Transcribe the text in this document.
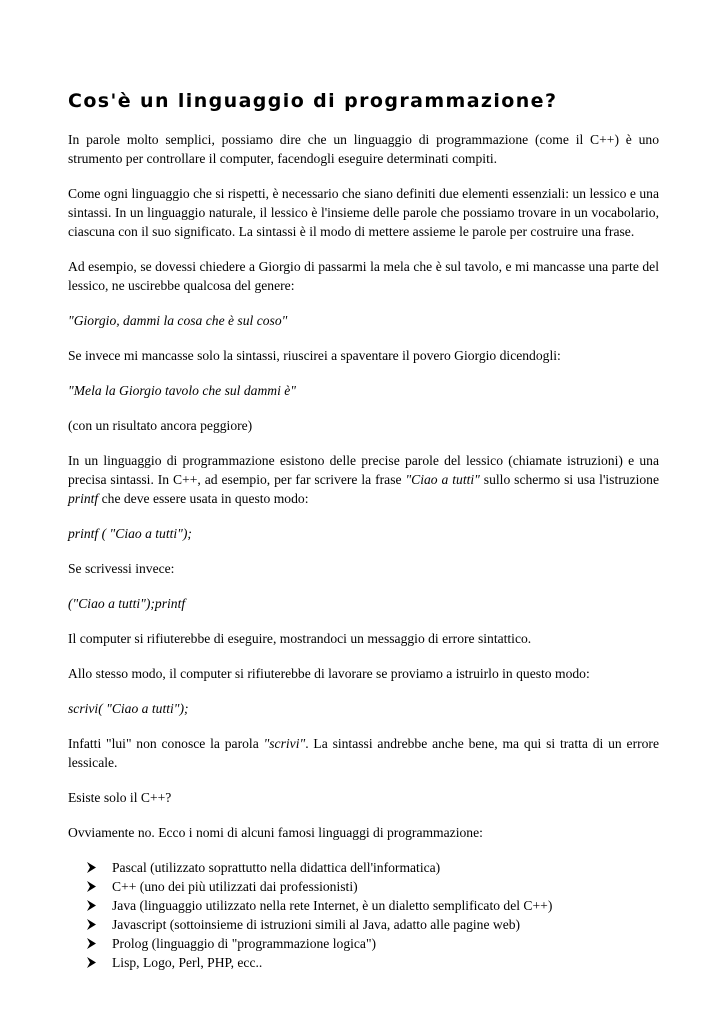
Cos'è un linguaggio di programmazione?

In parole molto semplici, possiamo dire che un linguaggio di programmazione (come il C++) è uno strumento per controllare il computer, facendogli eseguire determinati compiti.

Come ogni linguaggio che si rispetti, è necessario che siano definiti due elementi essenziali: un lessico e una sintassi. In un linguaggio naturale, il lessico è l'insieme delle parole che possiamo trovare in un vocabolario, ciascuna con il suo significato. La sintassi è il modo di mettere assieme le parole per costruire una frase.

Ad esempio, se dovessi chiedere a Giorgio di passarmi la mela che è sul tavolo, e mi mancasse una parte del lessico, ne uscirebbe qualcosa del genere:

"Giorgio, dammi la cosa che è sul coso"

Se invece mi mancasse solo la sintassi, riuscirei a spaventare il povero Giorgio dicendogli:

"Mela la Giorgio tavolo che sul dammi è"

(con un risultato ancora peggiore)

In un linguaggio di programmazione esistono delle precise parole del lessico (chiamate istruzioni) e una precisa sintassi. In C++, ad esempio, per far scrivere la frase "Ciao a tutti" sullo schermo si usa l'istruzione printf che deve essere usata in questo modo:

printf ( "Ciao a tutti");

Se scrivessi invece:

("Ciao a tutti");printf

Il computer si rifiuterebbe di eseguire, mostrandoci un messaggio di errore sintattico.

Allo stesso modo, il computer si rifiuterebbe di lavorare se proviamo a istruirlo in questo modo:

scrivi( "Ciao a tutti");

Infatti "lui" non conosce la parola "scrivi". La sintassi andrebbe anche bene, ma qui si tratta di un errore lessicale.

Esiste solo il C++?

Ovviamente no. Ecco i nomi di alcuni famosi linguaggi di programmazione:

Pascal (utilizzato soprattutto nella didattica dell'informatica)
C++ (uno dei più utilizzati dai professionisti)
Java (linguaggio utilizzato nella rete Internet, è un dialetto semplificato del C++)
Javascript (sottoinsieme di istruzioni simili al Java, adatto alle pagine web)
Prolog (linguaggio di "programmazione logica")
Lisp, Logo, Perl, PHP, ecc..
